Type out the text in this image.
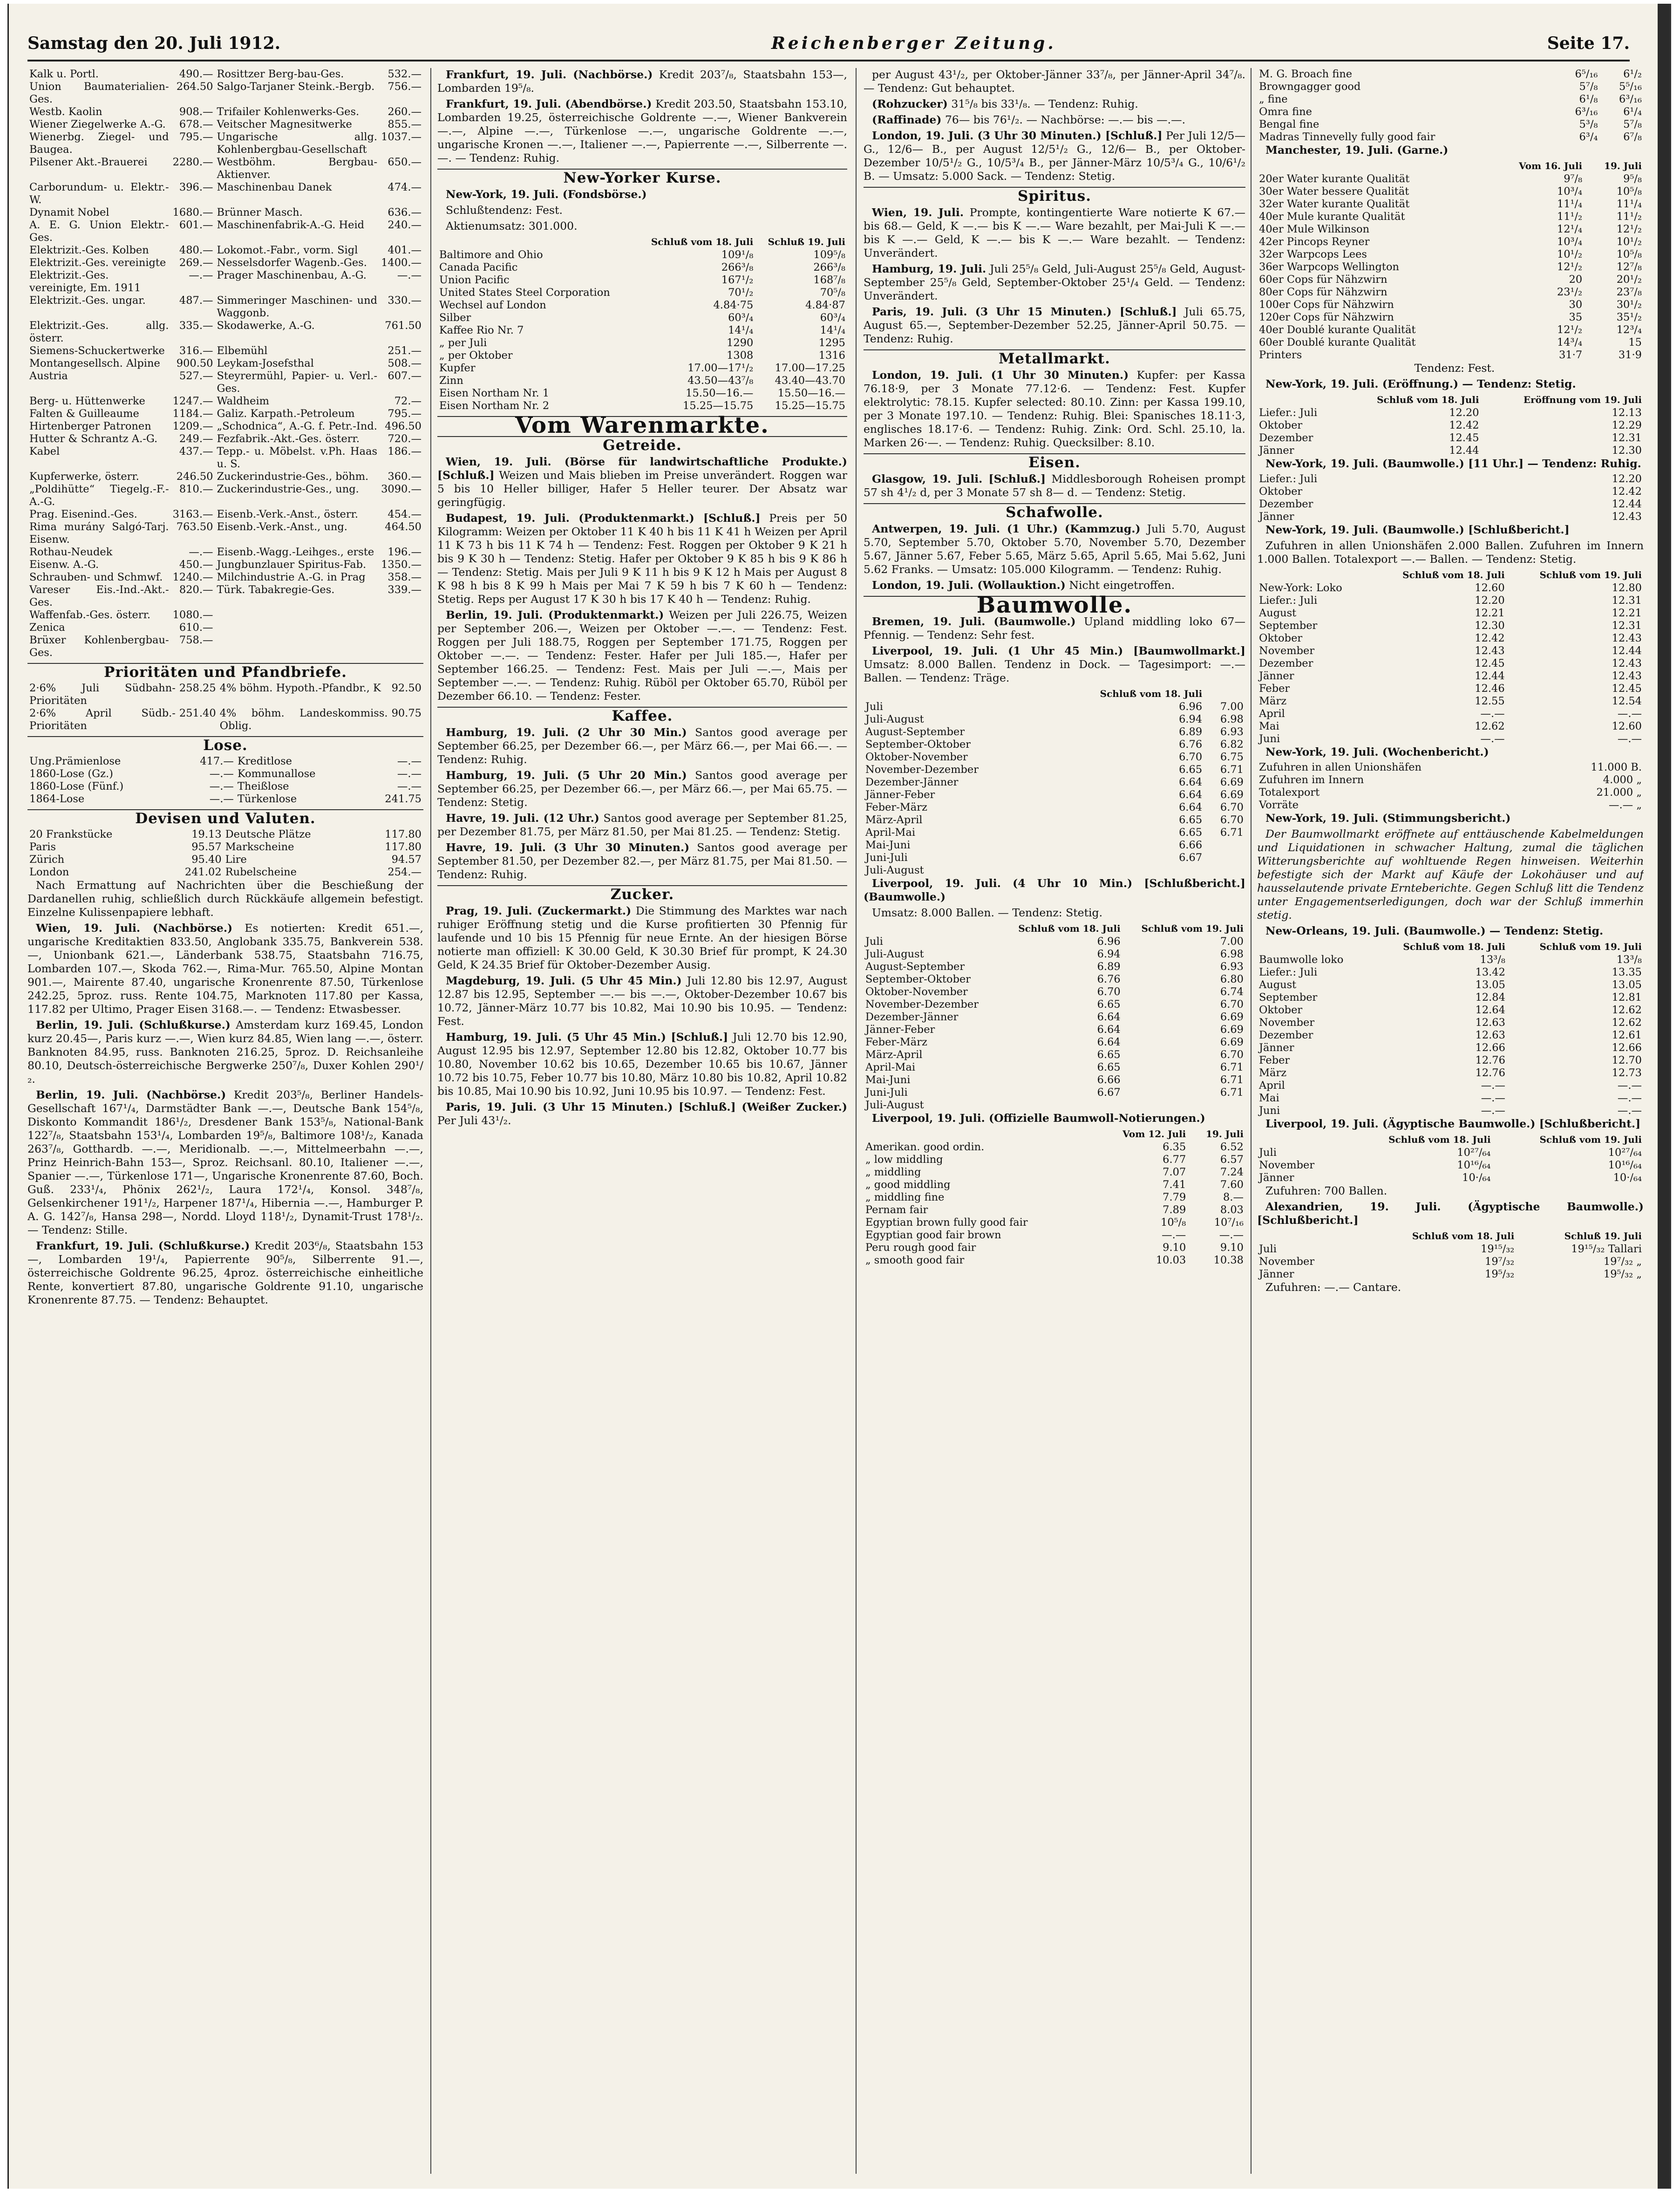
Samstag den 20. Juli 1912.	Reichenberger Zeitung.	Seite 17.
Kalk u. Portl.	490.—	Rosittzer Berg-bau-Ges.	532.—
Union Baumaterialien-Ges.	264.50	Salgo-Tarjaner Steink.-Bergb.	756.—
Westb. Kaolin	908.—	Trifailer Kohlenwerks-Ges.	260.—
Wiener Ziegelwerke A.-G.	678.—	Veitscher Magnesitwerke	855.—
Wienerbg. Ziegel- und Baugea.	795.—	Ungarische allg. Kohlenbergbau-Gesellschaft	1037.—
Pilsener Akt.-Brauerei	2280.—	Westböhm. Bergbau-Aktienver.	650.—
Carborundum- u. Elektr.-W.	396.—	Maschinenbau Danek	474.—
Dynamit Nobel	1680.—	Brünner Masch.	636.—
A. E. G. Union Elektr.-Ges.	601.—	Maschinenfabrik-A.-G. Heid	240.—
Elektrizit.-Ges. Kolben	480.—	Lokomot.-Fabr., vorm. Sigl	401.—
Elektrizit.-Ges. vereinigte	269.—	Nesselsdorfer Wagenb.-Ges.	1400.—
Elektrizit.-Ges. vereinigte, Em. 1911	—.—	Prager Maschinenbau, A.-G.	—.—
Elektrizit.-Ges. ungar.	487.—	Simmeringer Maschinen- und Waggonb.	330.—
Elektrizit.-Ges. allg. österr.	335.—	Skodawerke, A.-G.	761.50
Siemens-Schuckertwerke	316.—	Elbemühl	251.—
Montangesellsch. Alpine	900.50	Leykam-Josefsthal	508.—
Austria	527.—	Steyrermühl, Papier- u. Verl.-Ges.	607.—
Berg- u. Hüttenwerke	1247.—	Waldheim	72.—
Falten & Guilleaume	1184.—	Galiz. Karpath.-Petroleum	795.—
Hirtenberger Patronen	1209.—	„Schodnica“, A.-G. f. Petr.-Ind.	496.50
Hutter & Schrantz A.-G.	249.—	Fezfabrik.-Akt.-Ges. österr.	720.—
Kabel	437.—	Tepp.- u. Möbelst. v.Ph. Haas u. S.	186.—
Kupferwerke, österr.	246.50	Zuckerindustrie-Ges., böhm.	360.—
„Poldihütte“ Tiegelg.-F.-A.-G.	810.—	Zuckerindustrie-Ges., ung.	3090.—
Prag. Eisenind.-Ges.	3163.—	Eisenb.-Verk.-Anst., österr.	454.—
Rima murány Salgó-Tarj. Eisenw.	763.50	Eisenb.-Verk.-Anst., ung.	464.50
Rothau-Neudek	—.—	Eisenb.-Wagg.-Leihges., erste	196.—
Eisenw. A.-G.	450.—	Jungbunzlauer Spiritus-Fab.	1350.—
Schrauben- und Schmwf.	1240.—	Milchindustrie A.-G. in Prag	358.—
Vareser Eis.-Ind.-Akt.-Ges.	820.—	Türk. Tabakregie-Ges.	339.—
Waffenfab.-Ges. österr.	1080.—		
Zenica	610.—		
Brüxer Kohlenbergbau-Ges.	758.—		
Prioritäten und Pfandbriefe.
2·6% Juli Südbahn-Prioritäten	258.25	4% böhm. Hypoth.-Pfandbr., K	92.50
2·6% April Südb.-Prioritäten	251.40	4% böhm. Landeskommiss. Oblig.	90.75
Lose.
Ung.Prämienlose	417.—	Kreditlose	—.—
1860-Lose (Gz.)	—.—	Kommunallose	—.—
1860-Lose (Fünf.)	—.—	Theißlose	—.—
1864-Lose	—.—	Türkenlose	241.75
Devisen und Valuten.
20 Frankstücke	19.13	Deutsche Plätze	117.80
Paris	95.57	Markscheine	117.80
Zürich	95.40	Lire	94.57
London	241.02	Rubelscheine	254.—

Nach Ermattung auf Nachrichten über die Beschießung der Dardanellen ruhig, schließlich durch Rückkäufe allgemein befestigt. Einzelne Kulissenpapiere lebhaft.

Wien, 19. Juli. (Nachbörse.) Es notierten: Kredit 651.—, ungarische Kreditaktien 833.50, Anglobank 335.75, Bankverein 538.—, Unionbank 621.—, Länderbank 538.75, Staatsbahn 716.75, Lombarden 107.—, Skoda 762.—, Rima-Mur. 765.50, Alpine Montan 901.—, Mairente 87.40, ungarische Kronenrente 87.50, Türkenlose 242.25, 5proz. russ. Rente 104.75, Marknoten 117.80 per Kassa, 117.82 per Ultimo, Prager Eisen 3168.—. — Tendenz: Etwasbesser.

Berlin, 19. Juli. (Schlußkurse.) Amsterdam kurz 169.45, London kurz 20.45—, Paris kurz —.—, Wien kurz 84.85, Wien lang —.—, österr. Banknoten 84.95, russ. Banknoten 216.25, 5proz. D. Reichsanleihe 80.10, Deutsch-österreichische Bergwerke 250⁷/₈, Duxer Kohlen 290¹/₂.

Berlin, 19. Juli. (Nachbörse.) Kredit 203⁵/₈, Berliner Handels-Gesellschaft 167¹/₄, Darmstädter Bank —.—, Deutsche Bank 154⁵/₈, Diskonto Kommandit 186¹/₂, Dresdener Bank 153⁵/₈, National-Bank 122⁷/₈, Staatsbahn 153¹/₄, Lombarden 19⁵/₈, Baltimore 108¹/₂, Kanada 263⁷/₈, Gotthardb. —.—, Meridionalb. —.—, Mittelmeerbahn —.—, Prinz Heinrich-Bahn 153—, Sproz. Reichsanl. 80.10, Italiener —.—, Spanier —.—, Türkenlose 171—, Ungarische Kronenrente 87.60, Boch. Guß. 233¹/₄, Phönix 262¹/₂, Laura 172¹/₄, Konsol. 348⁷/₈, Gelsenkirchener 191¹/₂, Harpener 187¹/₄, Hibernia —.—, Hamburger P. A. G. 142⁷/₈, Hansa 298—, Nordd. Lloyd 118¹/₂, Dynamit-Trust 178¹/₂. — Tendenz: Stille.

Frankfurt, 19. Juli. (Schlußkurse.) Kredit 203⁶/₈, Staatsbahn 153—, Lombarden 19¹/₄, Papierrente 90⁵/₈, Silberrente 91.—, österreichische Goldrente 96.25, 4proz. österreichische einheitliche Rente, konvertiert 87.80, ungarische Goldrente 91.10, ungarische Kronenrente 87.75. — Tendenz: Behauptet.

Frankfurt, 19. Juli. (Nachbörse.) Kredit 203⁷/₈, Staatsbahn 153—, Lombarden 19⁵/₈.

Frankfurt, 19. Juli. (Abendbörse.) Kredit 203.50, Staatsbahn 153.10, Lombarden 19.25, österreichische Goldrente —.—, Wiener Bankverein —.—, Alpine —.—, Türkenlose —.—, ungarische Goldrente —.—, ungarische Kronen —.—, Italiener —.—, Papierrente —.—, Silberrente —.—. — Tendenz: Ruhig.

New-Yorker Kurse.

New-York, 19. Juli. (Fondsbörse.)

Schlußtendenz: Fest.

Aktienumsatz: 301.000.

	Schluß vom 18. Juli	Schluß 19. Juli
Baltimore and Ohio	109¹/₈	109⁵/₈
Canada Pacific	266³/₈	266³/₈
Union Pacific	167¹/₂	168⁷/₈
United States Steel Corporation	70¹/₂	70⁵/₈
Wechsel auf London	4.84·75	4.84·87
Silber	60³/₄	60³/₄
Kaffee Rio Nr. 7	14¹/₄	14¹/₄
„ per Juli	1290	1295
„ per Oktober	1308	1316
Kupfer	17.00—17¹/₂	17.00—17.25
Zinn	43.50—43⁷/₈	43.40—43.70
Eisen Northam Nr. 1	15.50—16.—	15.50—16.—
Eisen Northam Nr. 2	15.25—15.75	15.25—15.75
Vom Warenmarkte.
Getreide.

Wien, 19. Juli. (Börse für landwirtschaftliche Produkte.) [Schluß.] Weizen und Mais blieben im Preise unverändert. Roggen war 5 bis 10 Heller billiger, Hafer 5 Heller teurer. Der Absatz war geringfügig.

Budapest, 19. Juli. (Produktenmarkt.) [Schluß.] Preis per 50 Kilogramm: Weizen per Oktober 11 K 40 h bis 11 K 41 h Weizen per April 11 K 73 h bis 11 K 74 h — Tendenz: Fest. Roggen per Oktober 9 K 21 h bis 9 K 30 h — Tendenz: Stetig. Hafer per Oktober 9 K 85 h bis 9 K 86 h — Tendenz: Stetig. Mais per Juli 9 K 11 h bis 9 K 12 h Mais per August 8 K 98 h bis 8 K 99 h Mais per Mai 7 K 59 h bis 7 K 60 h — Tendenz: Stetig. Reps per August 17 K 30 h bis 17 K 40 h — Tendenz: Ruhig.

Berlin, 19. Juli. (Produktenmarkt.) Weizen per Juli 226.75, Weizen per September 206.—, Weizen per Oktober —.—. — Tendenz: Fest. Roggen per Juli 188.75, Roggen per September 171.75, Roggen per Oktober —.—. — Tendenz: Fester. Hafer per Juli 185.—, Hafer per September 166.25. — Tendenz: Fest. Mais per Juli —.—, Mais per September —.—. — Tendenz: Ruhig. Rüböl per Oktober 65.70, Rüböl per Dezember 66.10. — Tendenz: Fester.

Kaffee.

Hamburg, 19. Juli. (2 Uhr 30 Min.) Santos good average per September 66.25, per Dezember 66.—, per März 66.—, per Mai 66.—. — Tendenz: Ruhig.

Hamburg, 19. Juli. (5 Uhr 20 Min.) Santos good average per September 66.25, per Dezember 66.—, per März 66.—, per Mai 65.75. — Tendenz: Stetig.

Havre, 19. Juli. (12 Uhr.) Santos good average per September 81.25, per Dezember 81.75, per März 81.50, per Mai 81.25. — Tendenz: Stetig.

Havre, 19. Juli. (3 Uhr 30 Minuten.) Santos good average per September 81.50, per Dezember 82.—, per März 81.75, per Mai 81.50. — Tendenz: Ruhig.

Zucker.

Prag, 19. Juli. (Zuckermarkt.) Die Stimmung des Marktes war nach ruhiger Eröffnung stetig und die Kurse profitierten 30 Pfennig für laufende und 10 bis 15 Pfennig für neue Ernte. An der hiesigen Börse notierte man offiziell: K 30.00 Geld, K 30.30 Brief für prompt, K 24.30 Geld, K 24.35 Brief für Oktober-Dezember Ausig.

Magdeburg, 19. Juli. (5 Uhr 45 Min.) Juli 12.80 bis 12.97, August 12.87 bis 12.95, September —.— bis —.—, Oktober-Dezember 10.67 bis 10.72, Jänner-März 10.77 bis 10.82, Mai 10.90 bis 10.95. — Tendenz: Fest.

Hamburg, 19. Juli. (5 Uhr 45 Min.) [Schluß.] Juli 12.70 bis 12.90, August 12.95 bis 12.97, September 12.80 bis 12.82, Oktober 10.77 bis 10.80, November 10.62 bis 10.65, Dezember 10.65 bis 10.67, Jänner 10.72 bis 10.75, Feber 10.77 bis 10.80, März 10.80 bis 10.82, April 10.82 bis 10.85, Mai 10.90 bis 10.92, Juni 10.95 bis 10.97. — Tendenz: Fest.

Paris, 19. Juli. (3 Uhr 15 Minuten.) [Schluß.] (Weißer Zucker.) Per Juli 43¹/₂.

per August 43¹/₂, per Oktober-Jänner 33⁷/₈, per Jänner-April 34⁷/₈. — Tendenz: Gut behauptet.

(Rohzucker) 31⁵/₈ bis 33¹/₈. — Tendenz: Ruhig.

(Raffinade) 76— bis 76¹/₂. — Nachbörse: —.— bis —.—.

London, 19. Juli. (3 Uhr 30 Minuten.) [Schluß.] Per Juli 12/5— G., 12/6— B., per August 12/5¹/₂ G., 12/6— B., per Oktober-Dezember 10/5¹/₂ G., 10/5³/₄ B., per Jänner-März 10/5³/₄ G., 10/6¹/₂ B. — Umsatz: 5.000 Sack. — Tendenz: Stetig.

Spiritus.

Wien, 19. Juli. Prompte, kontingentierte Ware notierte K 67.— bis 68.— Geld, K —.— bis K —.— Ware bezahlt, per Mai-Juli K —.— bis K —.— Geld, K —.— bis K —.— Ware bezahlt. — Tendenz: Unverändert.

Hamburg, 19. Juli. Juli 25⁵/₈ Geld, Juli-August 25⁵/₈ Geld, August-September 25⁵/₈ Geld, September-Oktober 25¹/₄ Geld. — Tendenz: Unverändert.

Paris, 19. Juli. (3 Uhr 15 Minuten.) [Schluß.] Juli 65.75, August 65.—, September-Dezember 52.25, Jänner-April 50.75. — Tendenz: Ruhig.

Metallmarkt.

London, 19. Juli. (1 Uhr 30 Minuten.) Kupfer: per Kassa 76.18·9, per 3 Monate 77.12·6. — Tendenz: Fest. Kupfer elektrolytic: 78.15. Kupfer selected: 80.10. Zinn: per Kassa 199.10, per 3 Monate 197.10. — Tendenz: Ruhig. Blei: Spanisches 18.11·3, englisches 18.17·6. — Tendenz: Ruhig. Zink: Ord. Schl. 25.10, la. Marken 26·—. — Tendenz: Ruhig. Quecksilber: 8.10.

Eisen.

Glasgow, 19. Juli. [Schluß.] Middlesborough Roheisen prompt 57 sh 4¹/₂ d, per 3 Monate 57 sh 8— d. — Tendenz: Stetig.

Schafwolle.

Antwerpen, 19. Juli. (1 Uhr.) (Kammzug.) Juli 5.70, August 5.70, September 5.70, Oktober 5.70, November 5.70, Dezember 5.67, Jänner 5.67, Feber 5.65, März 5.65, April 5.65, Mai 5.62, Juni 5.62 Franks. — Umsatz: 105.000 Kilogramm. — Tendenz: Ruhig.

London, 19. Juli. (Wollauktion.) Nicht eingetroffen.

Baumwolle.

Bremen, 19. Juli. (Baumwolle.) Upland middling loko 67— Pfennig. — Tendenz: Sehr fest.

Liverpool, 19. Juli. (1 Uhr 45 Min.) [Baumwollmarkt.] Umsatz: 8.000 Ballen. Tendenz in Dock. — Tagesimport: —.— Ballen. — Tendenz: Träge.

	Schluß vom 18. Juli	
Juli	6.96	7.00
Juli-August	6.94	6.98
August-September	6.89	6.93
September-Oktober	6.76	6.82
Oktober-November	6.70	6.75
November-Dezember	6.65	6.71
Dezember-Jänner	6.64	6.69
Jänner-Feber	6.64	6.69
Feber-März	6.64	6.70
März-April	6.65	6.70
April-Mai	6.65	6.71
Mai-Juni	6.66	
Juni-Juli	6.67	
Juli-August		

Liverpool, 19. Juli. (4 Uhr 10 Min.) [Schlußbericht.] (Baumwolle.)

Umsatz: 8.000 Ballen. — Tendenz: Stetig.

	Schluß vom 18. Juli	Schluß vom 19. Juli
Juli	6.96	7.00
Juli-August	6.94	6.98
August-September	6.89	6.93
September-Oktober	6.76	6.80
Oktober-November	6.70	6.74
November-Dezember	6.65	6.70
Dezember-Jänner	6.64	6.69
Jänner-Feber	6.64	6.69
Feber-März	6.64	6.69
März-April	6.65	6.70
April-Mai	6.65	6.71
Mai-Juni	6.66	6.71
Juni-Juli	6.67	6.71
Juli-August		

Liverpool, 19. Juli. (Offizielle Baumwoll-Notierungen.)

	Vom 12. Juli	19. Juli
Amerikan. good ordin.	6.35	6.52
„ low middling	6.77	6.57
„ middling	7.07	7.24
„ good middling	7.41	7.60
„ middling fine	7.79	8.—
Pernam fair	7.89	8.03
Egyptian brown fully good fair	10⁵/₈	10⁷/₁₆
Egyptian good fair brown	—.—	—.—
Peru rough good fair	9.10	9.10
„ smooth good fair	10.03	10.38
M. G. Broach fine	6⁵/₁₆	6¹/₂
Browngagger good	5⁷/₈	5⁵/₁₆
„ fine	6¹/₈	6³/₁₆
Omra fine	6³/₁₆	6¹/₄
Bengal fine	5³/₈	5⁷/₈
Madras Tinnevelly fully good fair	6³/₄	6⁷/₈

Manchester, 19. Juli. (Garne.)

	Vom 16. Juli	19. Juli
20er Water kurante Qualität	9⁷/₈	9⁵/₈
30er Water bessere Qualität	10³/₄	10⁵/₈
32er Water kurante Qualität	11¹/₄	11¹/₄
40er Mule kurante Qualität	11¹/₂	11¹/₂
40er Mule Wilkinson	12¹/₄	12¹/₂
42er Pincops Reyner	10³/₄	10¹/₂
32er Warpcops Lees	10¹/₂	10⁵/₈
36er Warpcops Wellington	12¹/₂	12⁷/₈
60er Cops für Nähzwirn	20	20¹/₂
80er Cops für Nähzwirn	23¹/₂	23⁷/₈
100er Cops für Nähzwirn	30	30¹/₂
120er Cops für Nähzwirn	35	35¹/₂
40er Doublé kurante Qualität	12¹/₂	12³/₄
60er Doublé kurante Qualität	14³/₄	15
Printers	31·7	31·9

Tendenz: Fest.

New-York, 19. Juli. (Eröffnung.) — Tendenz: Stetig.

	Schluß vom 18. Juli	Eröffnung vom 19. Juli
Liefer.: Juli	12.20	12.13
Oktober	12.42	12.29
Dezember	12.45	12.31
Jänner	12.44	12.30

New-York, 19. Juli. (Baumwolle.) [11 Uhr.] — Tendenz: Ruhig.

Liefer.: Juli		12.20
Oktober		12.42
Dezember		12.44
Jänner		12.43

New-York, 19. Juli. (Baumwolle.) [Schlußbericht.]

Zufuhren in allen Unionshäfen 2.000 Ballen. Zufuhren im Innern 1.000 Ballen. Totalexport —.— Ballen. — Tendenz: Stetig.

	Schluß vom 18. Juli	Schluß vom 19. Juli
New-York: Loko	12.60	12.80
Liefer.: Juli	12.20	12.31
August	12.21	12.21
September	12.30	12.31
Oktober	12.42	12.43
November	12.43	12.44
Dezember	12.45	12.43
Jänner	12.44	12.43
Feber	12.46	12.45
März	12.55	12.54
April	—.—	—.—
Mai	12.62	12.60
Juni	—.—	—.—

New-York, 19. Juli. (Wochenbericht.)

Zufuhren in allen Unionshäfen	11.000 B.
Zufuhren im Innern	4.000 „
Totalexport	21.000 „
Vorräte	—.— „

New-York, 19. Juli. (Stimmungsbericht.)

Der Baumwollmarkt eröffnete auf enttäuschende Kabelmeldungen und Liquidationen in schwacher Haltung, zumal die täglichen Witterungsberichte auf wohltuende Regen hinweisen. Weiterhin befestigte sich der Markt auf Käufe der Lokohäuser und auf hausselautende private Ernteberichte. Gegen Schluß litt die Tendenz unter Engagementserledigungen, doch war der Schluß immerhin stetig.

New-Orleans, 19. Juli. (Baumwolle.) — Tendenz: Stetig.

	Schluß vom 18. Juli	Schluß vom 19. Juli
Baumwolle loko	13³/₈	13³/₈
Liefer.: Juli	13.42	13.35
August	13.05	13.05
September	12.84	12.81
Oktober	12.64	12.62
November	12.63	12.62
Dezember	12.63	12.61
Jänner	12.66	12.66
Feber	12.76	12.70
März	12.76	12.73
April	—.—	—.—
Mai	—.—	—.—
Juni	—.—	—.—

Liverpool, 19. Juli. (Ägyptische Baumwolle.) [Schlußbericht.]

	Schluß vom 18. Juli	Schluß vom 19. Juli
Juli	10²⁷/₆₄	10²⁷/₆₄
November	10¹⁶/₆₄	10¹⁶/₆₄
Jänner	10·/₆₄	10·/₆₄

Zufuhren: 700 Ballen.

Alexandrien, 19. Juli. (Ägyptische Baumwolle.) [Schlußbericht.]

	Schluß vom 18. Juli	Schluß 19. Juli
Juli	19¹⁵/₃₂	19¹⁵/₃₂ Tallari
November	19⁷/₃₂	19⁷/₃₂ „
Jänner	19⁵/₃₂	19⁵/₃₂ „

Zufuhren: —.— Cantare.
